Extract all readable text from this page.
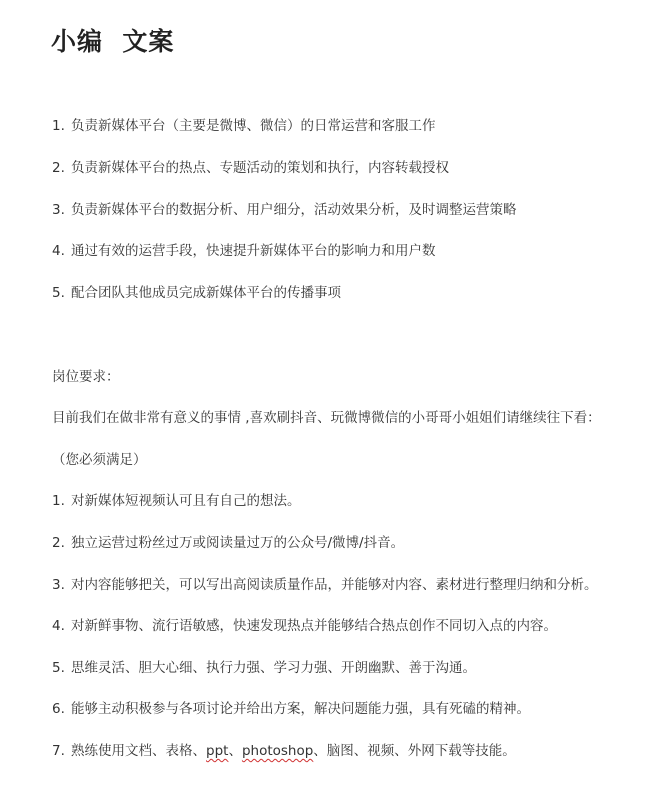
小编  文案

1. 负责新媒体平台（主要是微博、微信）的日常运营和客服工作

2. 负责新媒体平台的热点、专题活动的策划和执行，内容转载授权

3. 负责新媒体平台的数据分析、用户细分，活动效果分析，及时调整运营策略

4. 通过有效的运营手段，快速提升新媒体平台的影响力和用户数

5. 配合团队其他成员完成新媒体平台的传播事项

岗位要求：

目前我们在做非常有意义的事情 ,喜欢刷抖音、玩微博微信的小哥哥小姐姐们请继续往下看：

（您必须满足）

1. 对新媒体短视频认可且有自己的想法。

2. 独立运营过粉丝过万或阅读量过万的公众号/微博/抖音。

3. 对内容能够把关，可以写出高阅读质量作品，并能够对内容、素材进行整理归纳和分析。

4. 对新鲜事物、流行语敏感，快速发现热点并能够结合热点创作不同切入点的内容。

5. 思维灵活、胆大心细、执行力强、学习力强、开朗幽默、善于沟通。

6. 能够主动积极参与各项讨论并给出方案，解决问题能力强，具有死磕的精神。

7. 熟练使用文档、表格、ppt、photoshop、脑图、视频、外网下载等技能。
